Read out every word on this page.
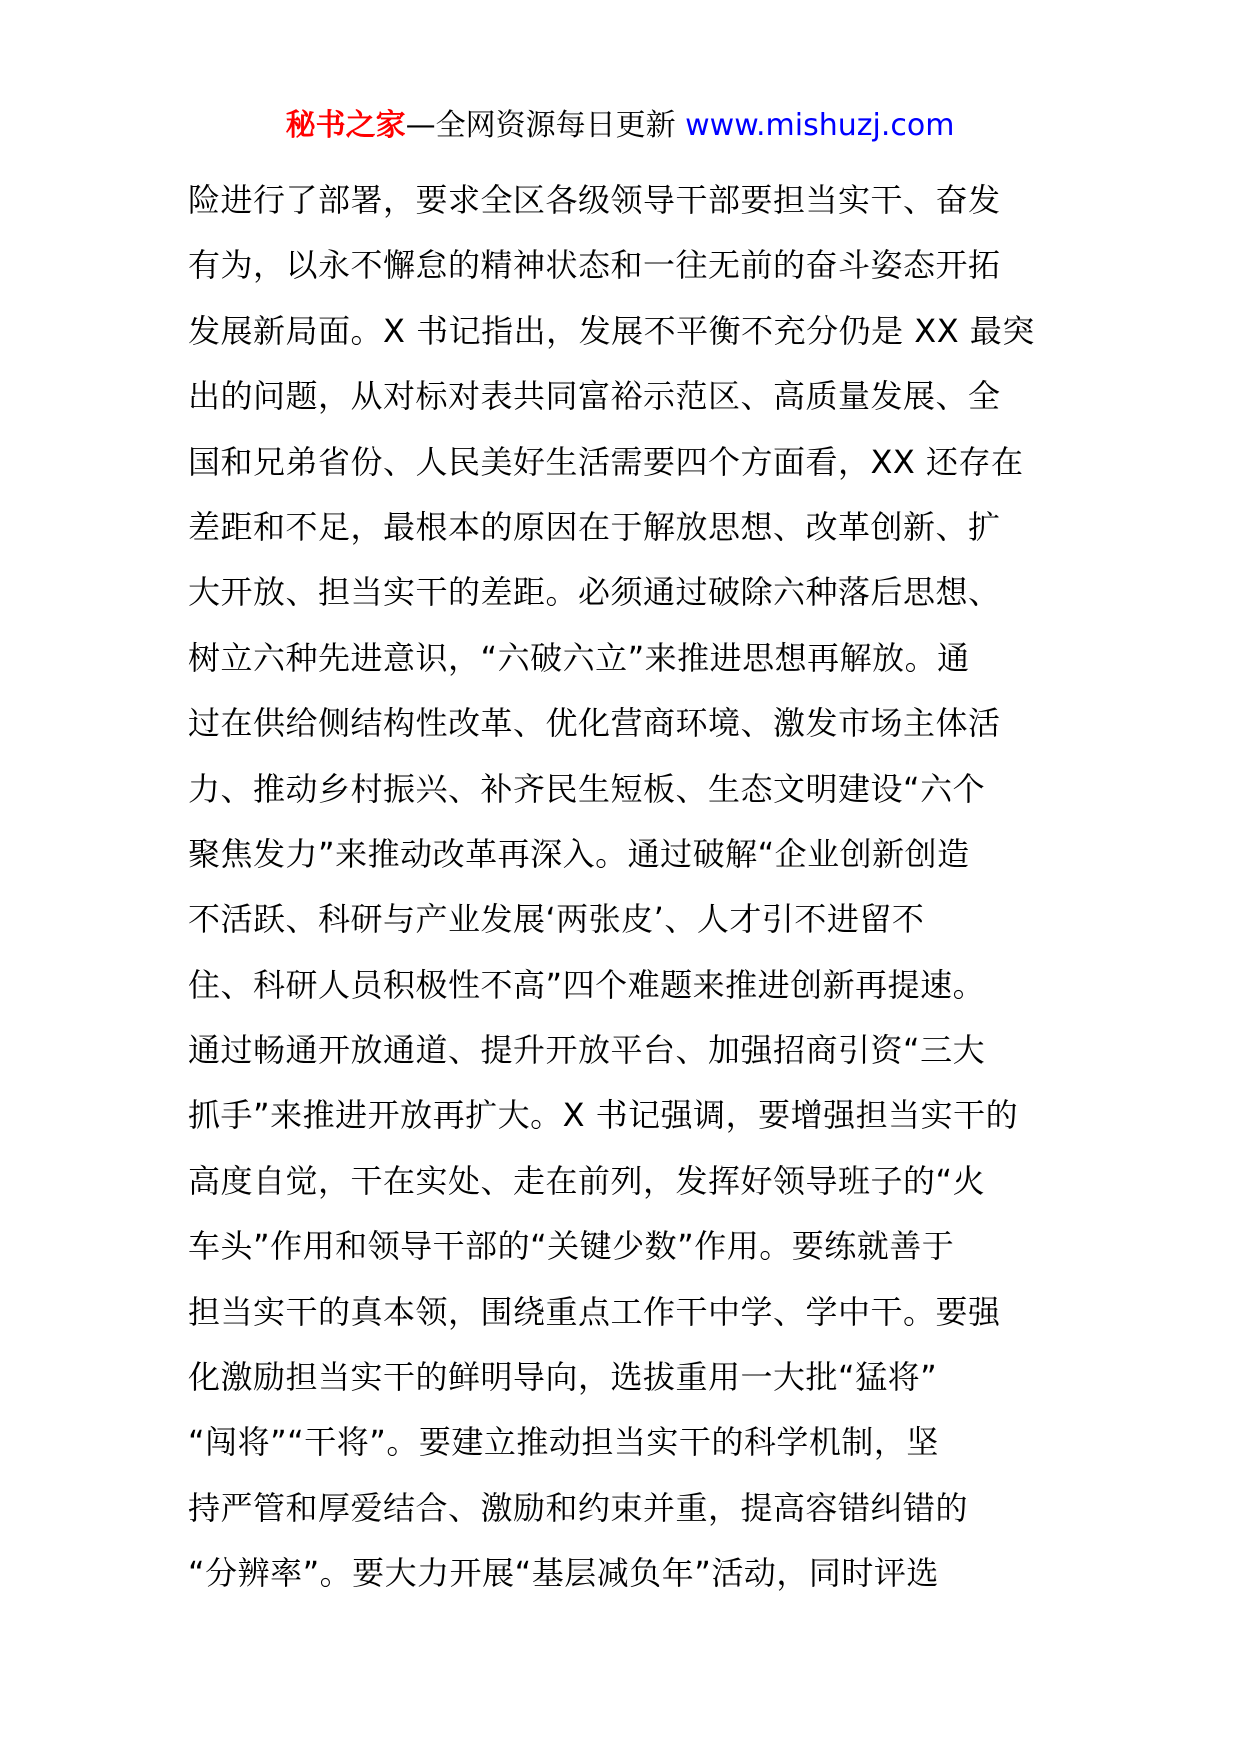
秘书之家—全网资源每日更新 www.mishuzj.com
险进行了部署，要求全区各级领导干部要担当实干、奋发
有为，以永不懈怠的精神状态和一往无前的奋斗姿态开拓
发展新局面。X 书记指出，发展不平衡不充分仍是 XX 最突
出的问题，从对标对表共同富裕示范区、高质量发展、全
国和兄弟省份、人民美好生活需要四个方面看，XX 还存在
差距和不足，最根本的原因在于解放思想、改革创新、扩
大开放、担当实干的差距。必须通过破除六种落后思想、
树立六种先进意识，“六破六立”来推进思想再解放。通
过在供给侧结构性改革、优化营商环境、激发市场主体活
力、推动乡村振兴、补齐民生短板、生态文明建设“六个
聚焦发力”来推动改革再深入。通过破解“企业创新创造
不活跃、科研与产业发展‘两张皮’、人才引不进留不
住、科研人员积极性不高”四个难题来推进创新再提速。
通过畅通开放通道、提升开放平台、加强招商引资“三大
抓手”来推进开放再扩大。X 书记强调，要增强担当实干的
高度自觉，干在实处、走在前列，发挥好领导班子的“火
车头”作用和领导干部的“关键少数”作用。要练就善于
担当实干的真本领，围绕重点工作干中学、学中干。要强
化激励担当实干的鲜明导向，选拔重用一大批“猛将”
“闯将”“干将”。要建立推动担当实干的科学机制，坚
持严管和厚爱结合、激励和约束并重，提高容错纠错的
“分辨率”。要大力开展“基层减负年”活动，同时评选
